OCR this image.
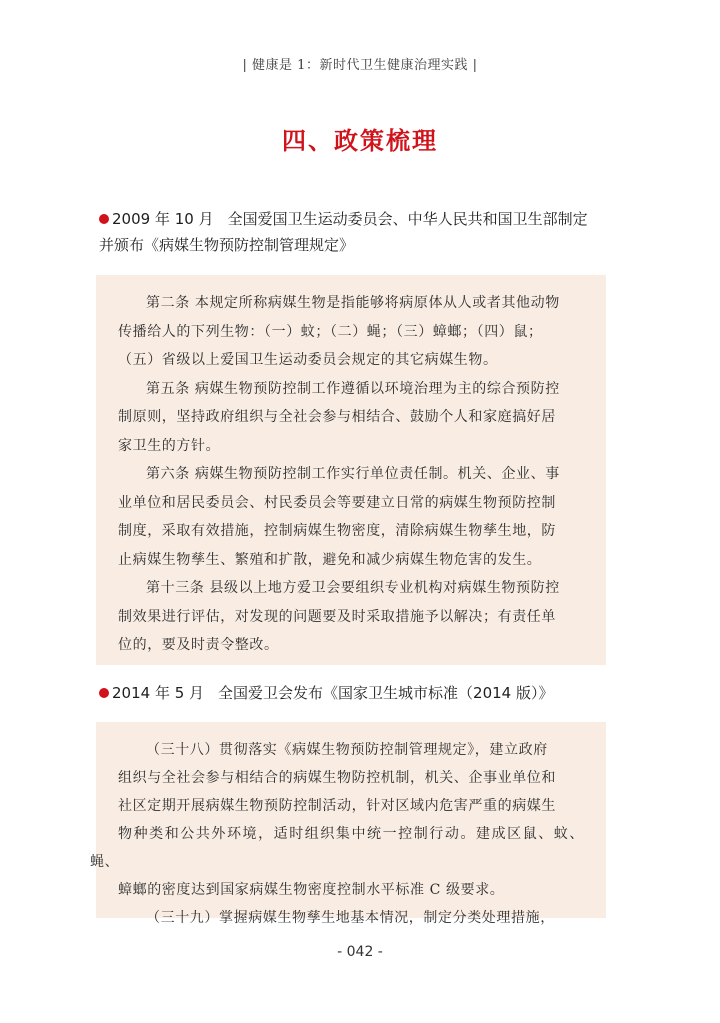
| 健康是 1：新时代卫生健康治理实践 |
四、政策梳理
2009 年 10 月 全国爱国卫生运动委员会、中华人民共和国卫生部制定
并颁布《病媒生物预防控制管理规定》

第二条 本规定所称病媒生物是指能够将病原体从人或者其他动物
传播给人的下列生物：（一）蚊；（二）蝇；（三）蟑螂；（四）鼠；
（五）省级以上爱国卫生运动委员会规定的其它病媒生物。

第五条 病媒生物预防控制工作遵循以环境治理为主的综合预防控
制原则，坚持政府组织与全社会参与相结合、鼓励个人和家庭搞好居
家卫生的方针。

第六条 病媒生物预防控制工作实行单位责任制。机关、企业、事
业单位和居民委员会、村民委员会等要建立日常的病媒生物预防控制
制度，采取有效措施，控制病媒生物密度，清除病媒生物孳生地，防
止病媒生物孳生、繁殖和扩散，避免和减少病媒生物危害的发生。

第十三条 县级以上地方爱卫会要组织专业机构对病媒生物预防控
制效果进行评估，对发现的问题要及时采取措施予以解决；有责任单
位的，要及时责令整改。

2014 年 5 月 全国爱卫会发布《国家卫生城市标准（2014 版）》

（三十八）贯彻落实《病媒生物预防控制管理规定》，建立政府
组织与全社会参与相结合的病媒生物防控机制，机关、企事业单位和
社区定期开展病媒生物预防控制活动，针对区域内危害严重的病媒生
物种类和公共外环境，适时组织集中统一控制行动。建成区鼠、蚊、蝇、
蟑螂的密度达到国家病媒生物密度控制水平标准 C 级要求。

（三十九）掌握病媒生物孳生地基本情况，制定分类处理措施，

- 042 -
